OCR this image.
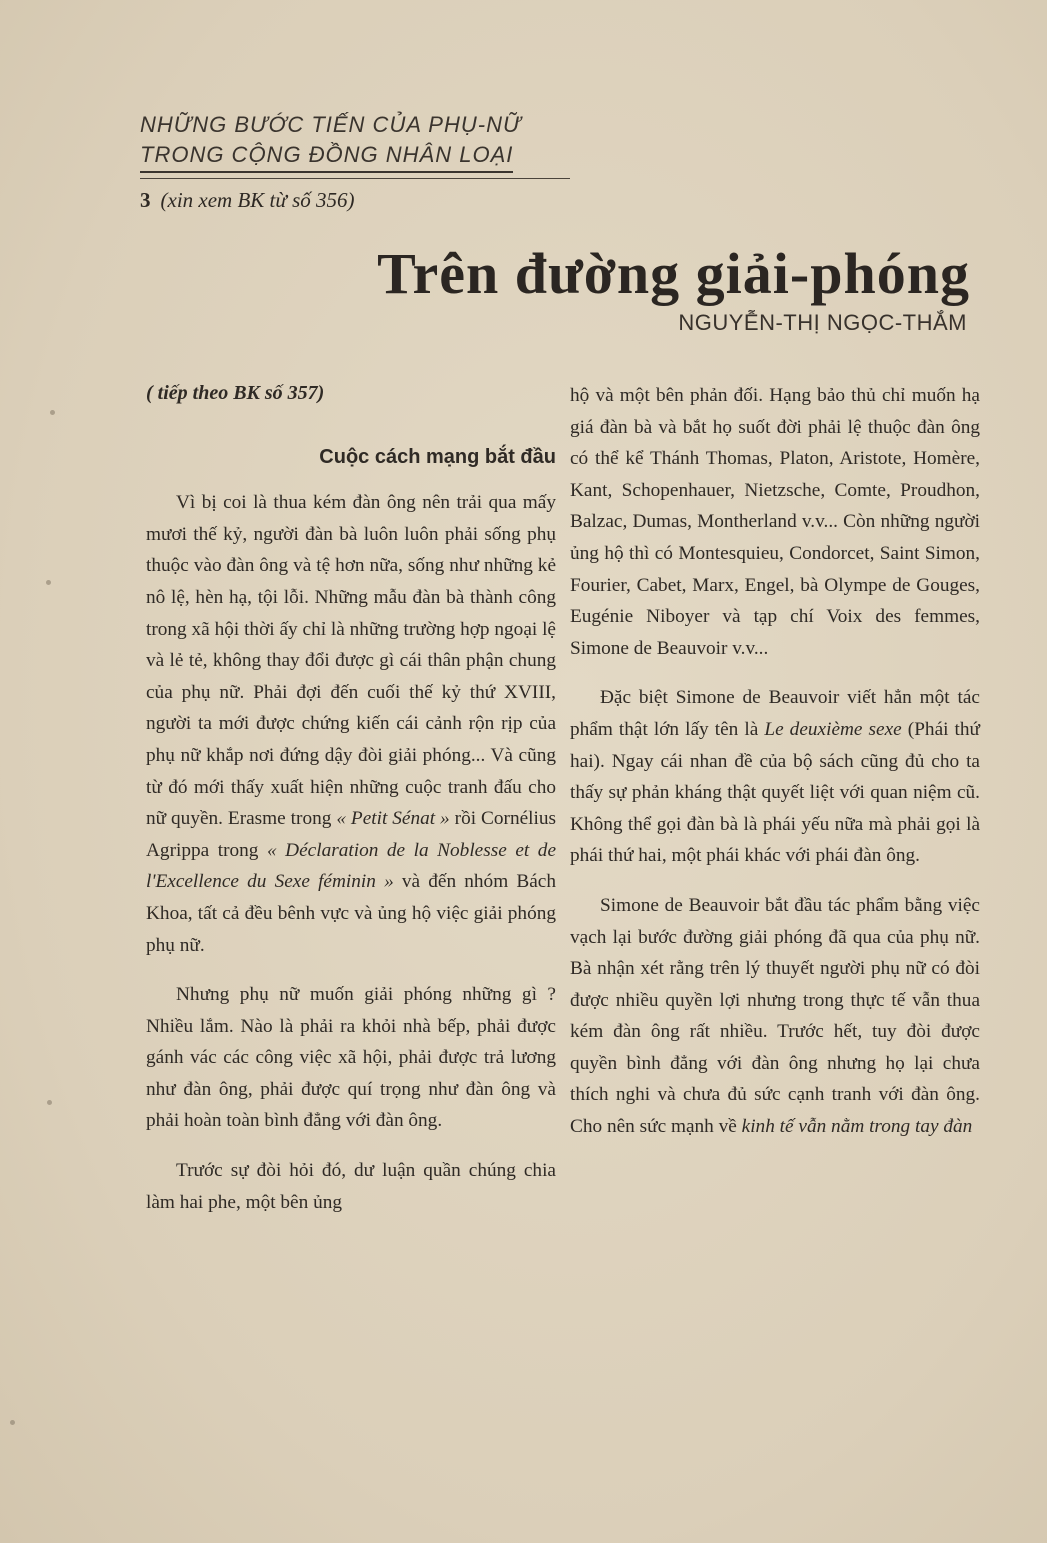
NHỮNG BƯỚC TIẾN CỦA PHỤ-NỮ
TRONG CỘNG ĐỒNG NHÂN LOẠI
3 (xin xem BK từ số 356)
Trên đường giải-phóng
NGUYỄN-THỊ NGỌC-THẮM
( tiếp theo BK số 357)
Cuộc cách mạng bắt đầu

Vì bị coi là thua kém đàn ông nên trải qua mấy mươi thế kỷ, người đàn bà luôn luôn phải sống phụ thuộc vào đàn ông và tệ hơn nữa, sống như những kẻ nô lệ, hèn hạ, tội lỗi. Những mẫu đàn bà thành công trong xã hội thời ấy chỉ là những trường hợp ngoại lệ và lẻ tẻ, không thay đổi được gì cái thân phận chung của phụ nữ. Phải đợi đến cuối thế kỷ thứ XVIII, người ta mới được chứng kiến cái cảnh rộn rịp của phụ nữ khắp nơi đứng dậy đòi giải phóng... Và cũng từ đó mới thấy xuất hiện những cuộc tranh đấu cho nữ quyền. Erasme trong « Petit Sénat » rồi Cornélius Agrippa trong « Déclaration de la Noblesse et de l'Excellence du Sexe féminin » và đến nhóm Bách Khoa, tất cả đều bênh vực và ủng hộ việc giải phóng phụ nữ.

Nhưng phụ nữ muốn giải phóng những gì ? Nhiều lắm. Nào là phải ra khỏi nhà bếp, phải được gánh vác các công việc xã hội, phải được trả lương như đàn ông, phải được quí trọng như đàn ông và phải hoàn toàn bình đẳng với đàn ông.

Trước sự đòi hỏi đó, dư luận quần chúng chia làm hai phe, một bên ủng

hộ và một bên phản đối. Hạng bảo thủ chỉ muốn hạ giá đàn bà và bắt họ suốt đời phải lệ thuộc đàn ông có thể kể Thánh Thomas, Platon, Aristote, Homère, Kant, Schopenhauer, Nietzsche, Comte, Proudhon, Balzac, Dumas, Montherland v.v... Còn những người ủng hộ thì có Montesquieu, Condorcet, Saint Simon, Fourier, Cabet, Marx, Engel, bà Olympe de Gouges, Eugénie Niboyer và tạp chí Voix des femmes, Simone de Beauvoir v.v...

Đặc biệt Simone de Beauvoir viết hẳn một tác phẩm thật lớn lấy tên là Le deuxième sexe (Phái thứ hai). Ngay cái nhan đề của bộ sách cũng đủ cho ta thấy sự phản kháng thật quyết liệt với quan niệm cũ. Không thể gọi đàn bà là phái yếu nữa mà phải gọi là phái thứ hai, một phái khác với phái đàn ông.

Simone de Beauvoir bắt đầu tác phẩm bằng việc vạch lại bước đường giải phóng đã qua của phụ nữ. Bà nhận xét rằng trên lý thuyết người phụ nữ có đòi được nhiều quyền lợi nhưng trong thực tế vẫn thua kém đàn ông rất nhiều. Trước hết, tuy đòi được quyền bình đẳng với đàn ông nhưng họ lại chưa thích nghi và chưa đủ sức cạnh tranh với đàn ông. Cho nên sức mạnh về kinh tế vẫn nằm trong tay đàn
